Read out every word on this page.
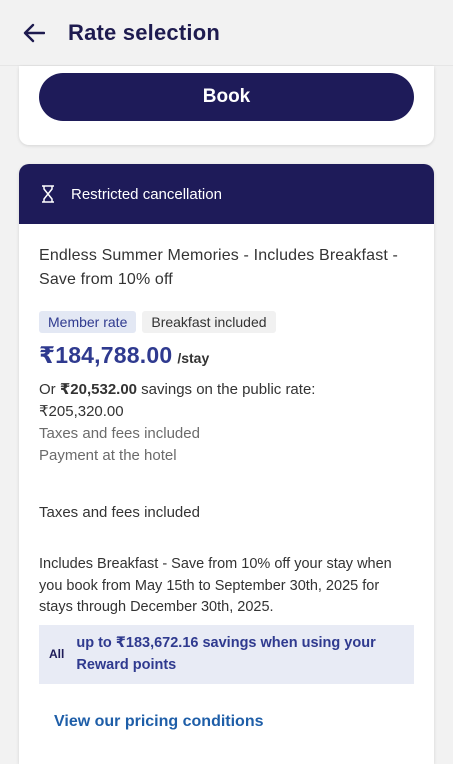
Rate selection
Book
Restricted cancellation
Endless Summer Memories - Includes Breakfast - Save from 10% off
Member rate	Breakfast included
₹184,788.00 /stay
Or ₹20,532.00 savings on the public rate:
₹205,320.00
Taxes and fees included
Payment at the hotel
Taxes and fees included
Includes Breakfast - Save from 10% off your stay when you book from May 15th to September 30th, 2025 for stays through December 30th, 2025.
All
up to ₹183,672.16 savings when using your Reward points
View our pricing conditions
